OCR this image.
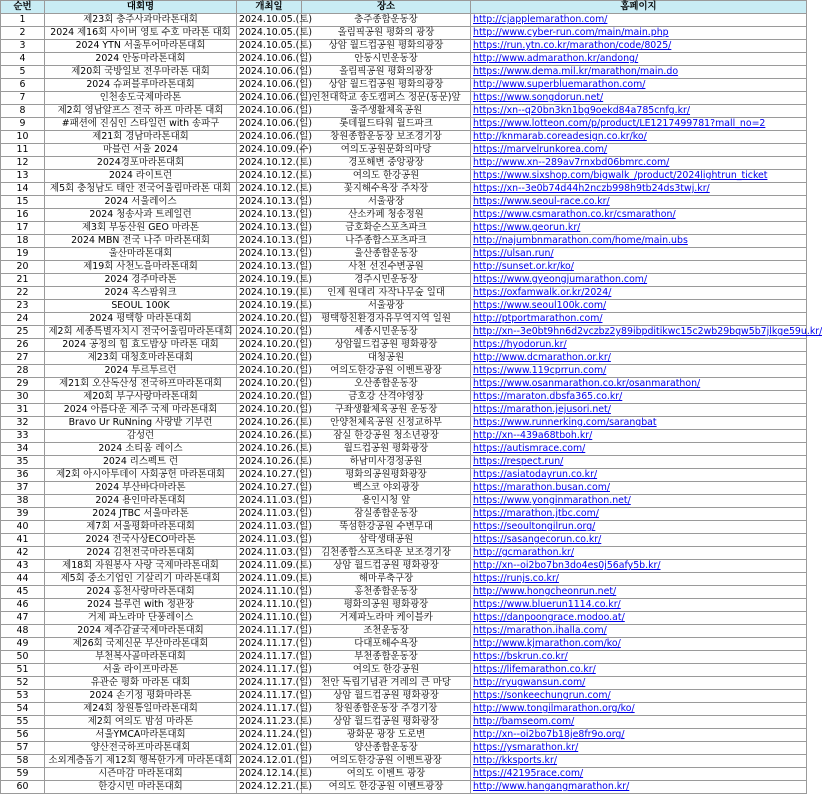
순번	대회명	개최일	장소	홈페이지
1	제23회 충주사과마라톤대회	2024.10.05.(토)	충주종합운동장	http://cjapplemarathon.com/
2	2024 제16회 사이버 영토 수호 마라톤 대회	2024.10.05.(토)	올림픽공원 평화의 광장	http://www.cyber-run.com/main/main.php
3	2024 YTN 서울투어마라톤대회	2024.10.05.(토)	상암 월드컵공원 평화의광장	https://run.ytn.co.kr/marathon/code/8025/
4	2024 안동마라톤대회	2024.10.06.(일)	안동시민운동장	http://www.admarathon.kr/andong/
5	제20회 국방일보 전우마라톤 대회	2024.10.06.(일)	올림픽공원 평화의광장	https://www.dema.mil.kr/marathon/main.do
6	2024 슈퍼블루마라톤대회	2024.10.06.(일)	상암 월드컵공원 평화의광장	http://www.superbluemarathon.com/
7	인천송도국제마라톤	2024.10.06.(일)	인천대학교 송도캠퍼스 정문(동문)앞	https://www.songdorun.net/
8	제2회 영남알프스 전국 하프 마라톤 대회	2024.10.06.(일)	울주생활체육공원	https://xn--q20bn3kn1bg9oekd84a785cnfg.kr/
9	#패션에 진심인 스타일런 with 송파구	2024.10.06.(일)	롯데월드타워 월드파크	https://www.lotteon.com/p/product/LE1217499781?mall_no=2
10	제21회 경남마라톤대회	2024.10.06.(일)	창원종합운동장 보조경기장	http://knmarab.coreadesign.co.kr/ko/
11	마블런 서울 2024	2024.10.09.(수)	여의도공원문화의마당	https://marvelrunkorea.com/
12	2024경포마라톤대회	2024.10.12.(토)	경포해변 중앙광장	http://www.xn--289av7rnxbd06bmrc.com/
13	2024 라이트런	2024.10.12.(토)	여의도 한강공원	https://www.sixshop.com/bigwalk_/product/2024lightrun_ticket
14	제5회 충청남도 태안 전국어울림마라톤 대회	2024.10.12.(토)	꽃지해수욕장 주차장	https://xn--3e0b74d44h2nczb998h9tb24ds3twj.kr/
15	2024 서울레이스	2024.10.13.(일)	서울광장	https://www.seoul-race.co.kr/
16	2024 청송사과 트레일런	2024.10.13.(일)	산소카페 청송정원	https://www.csmarathon.co.kr/csmarathon/
17	제3회 부동산원 GEO 마라톤	2024.10.13.(일)	금호화순스포츠파크	https://www.georun.kr/
18	2024 MBN 전국 나주 마라톤대회	2024.10.13.(일)	나주종합스포츠파크	http://najumbnmarathon.com/home/main.ubs
19	울산마라톤대회	2024.10.13.(일)	울산종합운동장	https://ulsan.run/
20	제19회 사천노을마라톤대회	2024.10.13.(일)	사천 선진수변공원	http://sunset.or.kr/ko/
21	2024 경주마라톤	2024.10.19.(토)	경주시민운동장	https://www.gyeongjumarathon.com/
22	2024 옥스팜워크	2024.10.19.(토)	인제 원대리 자작나무숲 일대	https://oxfamwalk.or.kr/2024/
23	SEOUL 100K	2024.10.19.(토)	서울광장	https://www.seoul100k.com/
24	2024 평택항 마라톤대회	2024.10.20.(일)	평택항친환경자유무역지역 일원	http://ptportmarathon.com/
25	제2회 세종특별자치시 전국어울림마라톤대회	2024.10.20.(일)	세종시민운동장	http://xn--3e0bt9hn6d2vczbz2y89ibpditikwc15c2wb29bqw5b7jlkge59u.kr/
26	2024 공정의 힘 효도밥상 마라톤 대회	2024.10.20.(일)	상암월드컵공원 평화광장	https://hyodorun.kr/
27	제23회 대청호마라톤대회	2024.10.20.(일)	대청공원	http://www.dcmarathon.or.kr/
28	2024 투르투르런	2024.10.20.(일)	여의도한강공원 이벤트광장	https://www.119cprrun.com/
29	제21회 오산독산성 전국하프마라톤대회	2024.10.20.(일)	오산종합운동장	https://www.osanmarathon.co.kr/osanmarathon/
30	제20회 부구사랑마라톤대회	2024.10.20.(일)	금호강 산격야영장	https://maraton.dbsfa365.co.kr/
31	2024 아름다운 제주 국제 마라톤대회	2024.10.20.(일)	구좌생활체육공원 운동장	https://marathon.jejusori.net/
32	Bravo Ur RuNning 사랑밭 기부런	2024.10.26.(토)	안양천체육공원 신정교하부	https://www.runnerking.com/sarangbat
33	감성런	2024.10.26.(토)	잠실 한강공원 청소년광장	http://xn--439a68tboh.kr/
34	2024 소티움 레이스	2024.10.26.(토)	월드컵공원 평화광장	https://autismrace.com/
35	2024 리스펙트 런	2024.10.26.(토)	하남미사경정공원	https://respect.run/
36	제2회 아시아투데이 사회공헌 마라톤대회	2024.10.27.(일)	평화의공원평화광장	https://asiatodayrun.co.kr/
37	2024 부산바다마라톤	2024.10.27.(일)	벡스코 야외광장	https://marathon.busan.com/
38	2024 용인마라톤대회	2024.11.03.(일)	용인시청 앞	https://www.yonginmarathon.net/
39	2024 JTBC 서울마라톤	2024.11.03.(일)	잠실종합운동장	https://marathon.jtbc.com/
40	제7회 서울평화마라톤대회	2024.11.03.(일)	뚝섬한강공원 수변무대	https://seoultongilrun.org/
41	2024 전국사상ECO마라톤	2024.11.03.(일)	삼락생태공원	https://sasangecorun.co.kr/
42	2024 김천전국마라톤대회	2024.11.03.(일)	김천종합스포츠타운 보조경기장	http://gcmarathon.kr/
43	제18회 자원봉사 사랑 국제마라톤대회	2024.11.09.(토)	상암 월드컵공원 평화광장	http://xn--oi2bo7bn3do4es0j56afy5b.kr/
44	제5회 중소기업인 기살리기 마라톤대회	2024.11.09.(토)	해마루축구장	https://runjs.co.kr/
45	2024 홍천사랑마라톤대회	2024.11.10.(일)	홍천종합운동장	http://www.hongcheonrun.net/
46	2024 블루런 with 정관장	2024.11.10.(일)	평화의공원 평화광장	https://www.bluerun1114.co.kr/
47	거제 파노라마 단풍레이스	2024.11.10.(일)	거제파노라마 케이블카	https://danpoongrace.modoo.at/
48	2024 제주감귤국제마라톤대회	2024.11.17.(일)	조천운동장	https://marathon.ihalla.com/
49	제26회 국제신문 부산마라톤대회	2024.11.17.(일)	다대포해수욕장	http://www.kjmarathon.com/ko/
50	부천복사골마라톤대회	2024.11.17.(일)	부천종합운동장	https://bskrun.co.kr/
51	서울 라이프마라톤	2024.11.17.(일)	여의도 한강공원	https://lifemarathon.co.kr/
52	유관순 평화 마라톤 대회	2024.11.17.(일)	천안 독립기념관 겨레의 큰 마당	http://ryugwansun.com/
53	2024 손기정 평화마라톤	2024.11.17.(일)	상암 월드컵공원 평화광장	https://sonkeechungrun.com/
54	제24회 창원통일마라톤대회	2024.11.17.(일)	창원종합운동장 주경기장	http://www.tongilmarathon.org/ko/
55	제2회 여의도 밤섬 마라톤	2024.11.23.(토)	상암 월드컵공원 평화광장	http://bamseom.com/
56	서울YMCA마라톤대회	2024.11.24.(일)	광화문 광장 도로변	http://xn--oi2bo7b18je8fr9o.org/
57	양산전국하프마라톤대회	2024.12.01.(일)	양산종합운동장	https://ysmarathon.kr/
58	소외계층돕기 제12회 행복한가게 마라톤대회	2024.12.01.(일)	여의도한강공원 이벤트광장	http://kksports.kr/
59	시즌마감 마라톤대회	2024.12.14.(토)	여의도 이벤트 광장	https://42195race.com/
60	한강시민 마라톤대회	2024.12.21.(토)	여의도 한강공원 이벤트광장	http://www.hangangmarathon.kr/
